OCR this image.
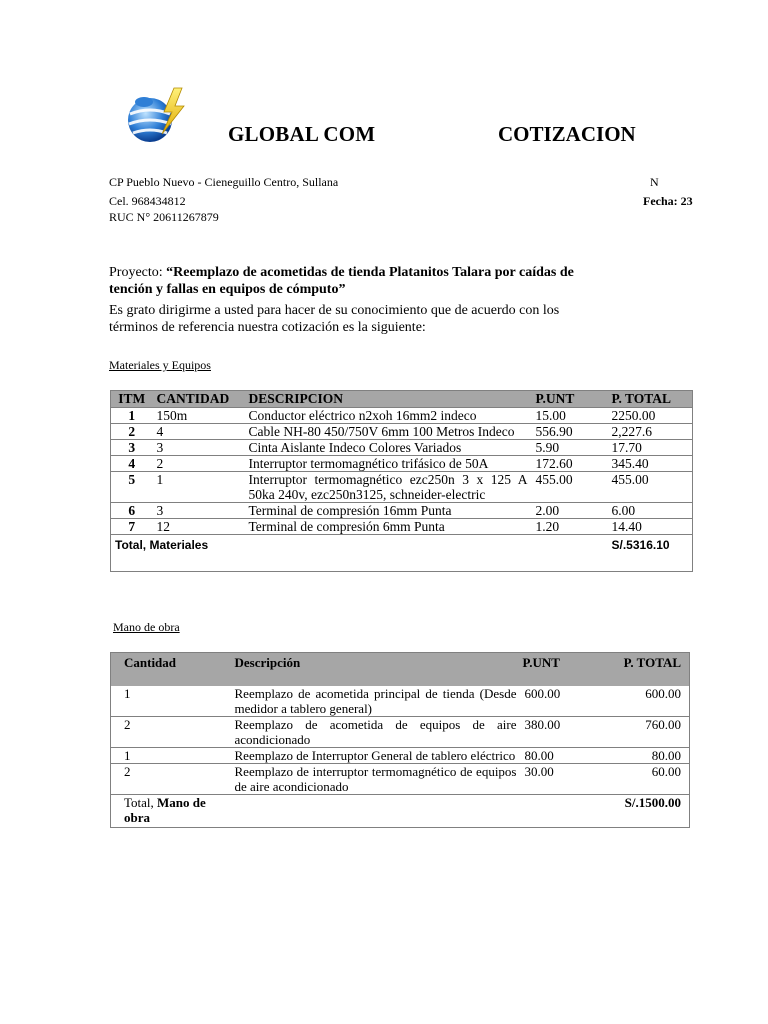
GLOBAL COM	COTIZACION
CP Pueblo Nuevo - Cieneguillo Centro, Sullana
Cel. 968434812
RUC N° 20611267879
N
Fecha: 23
Proyecto: “Reemplazo de acometidas de tienda Platanitos Talara por caídas de tención y fallas en equipos de cómputo”
Es grato dirigirme a usted para hacer de su conocimiento que de acuerdo con los términos de referencia nuestra cotización es la siguiente:
Materiales y Equipos
ITM	CANTIDAD	DESCRIPCION	P.UNT	P. TOTAL
1	150m	Conductor eléctrico n2xoh 16mm2 indeco	15.00	2250.00
2	4	Cable NH-80 450/750V 6mm 100 Metros Indeco	556.90	2,227.6
3	3	Cinta Aislante Indeco Colores Variados	5.90	17.70
4	2	Interruptor termomagnético trifásico de 50A	172.60	345.40
5	1	Interruptor termomagnético ezc250n 3 x 125 A 50ka 240v, ezc250n3125, schneider-electric	455.00	455.00
6	3	Terminal de compresión 16mm Punta	2.00	6.00
7	12	Terminal de compresión 6mm Punta	1.20	14.40
Total, Materiales				S/.5316.10
Mano de obra
Cantidad	Descripción	P.UNT	P. TOTAL
1	Reemplazo de acometida principal de tienda (Desde medidor a tablero general)	600.00	600.00
2	Reemplazo de acometida de equipos de aire acondicionado	380.00	760.00
1	Reemplazo de Interruptor General de tablero eléctrico	80.00	80.00
2	Reemplazo de interruptor termomagnético de equipos de aire acondicionado	30.00	60.00
Total, Mano de obra			S/.1500.00
